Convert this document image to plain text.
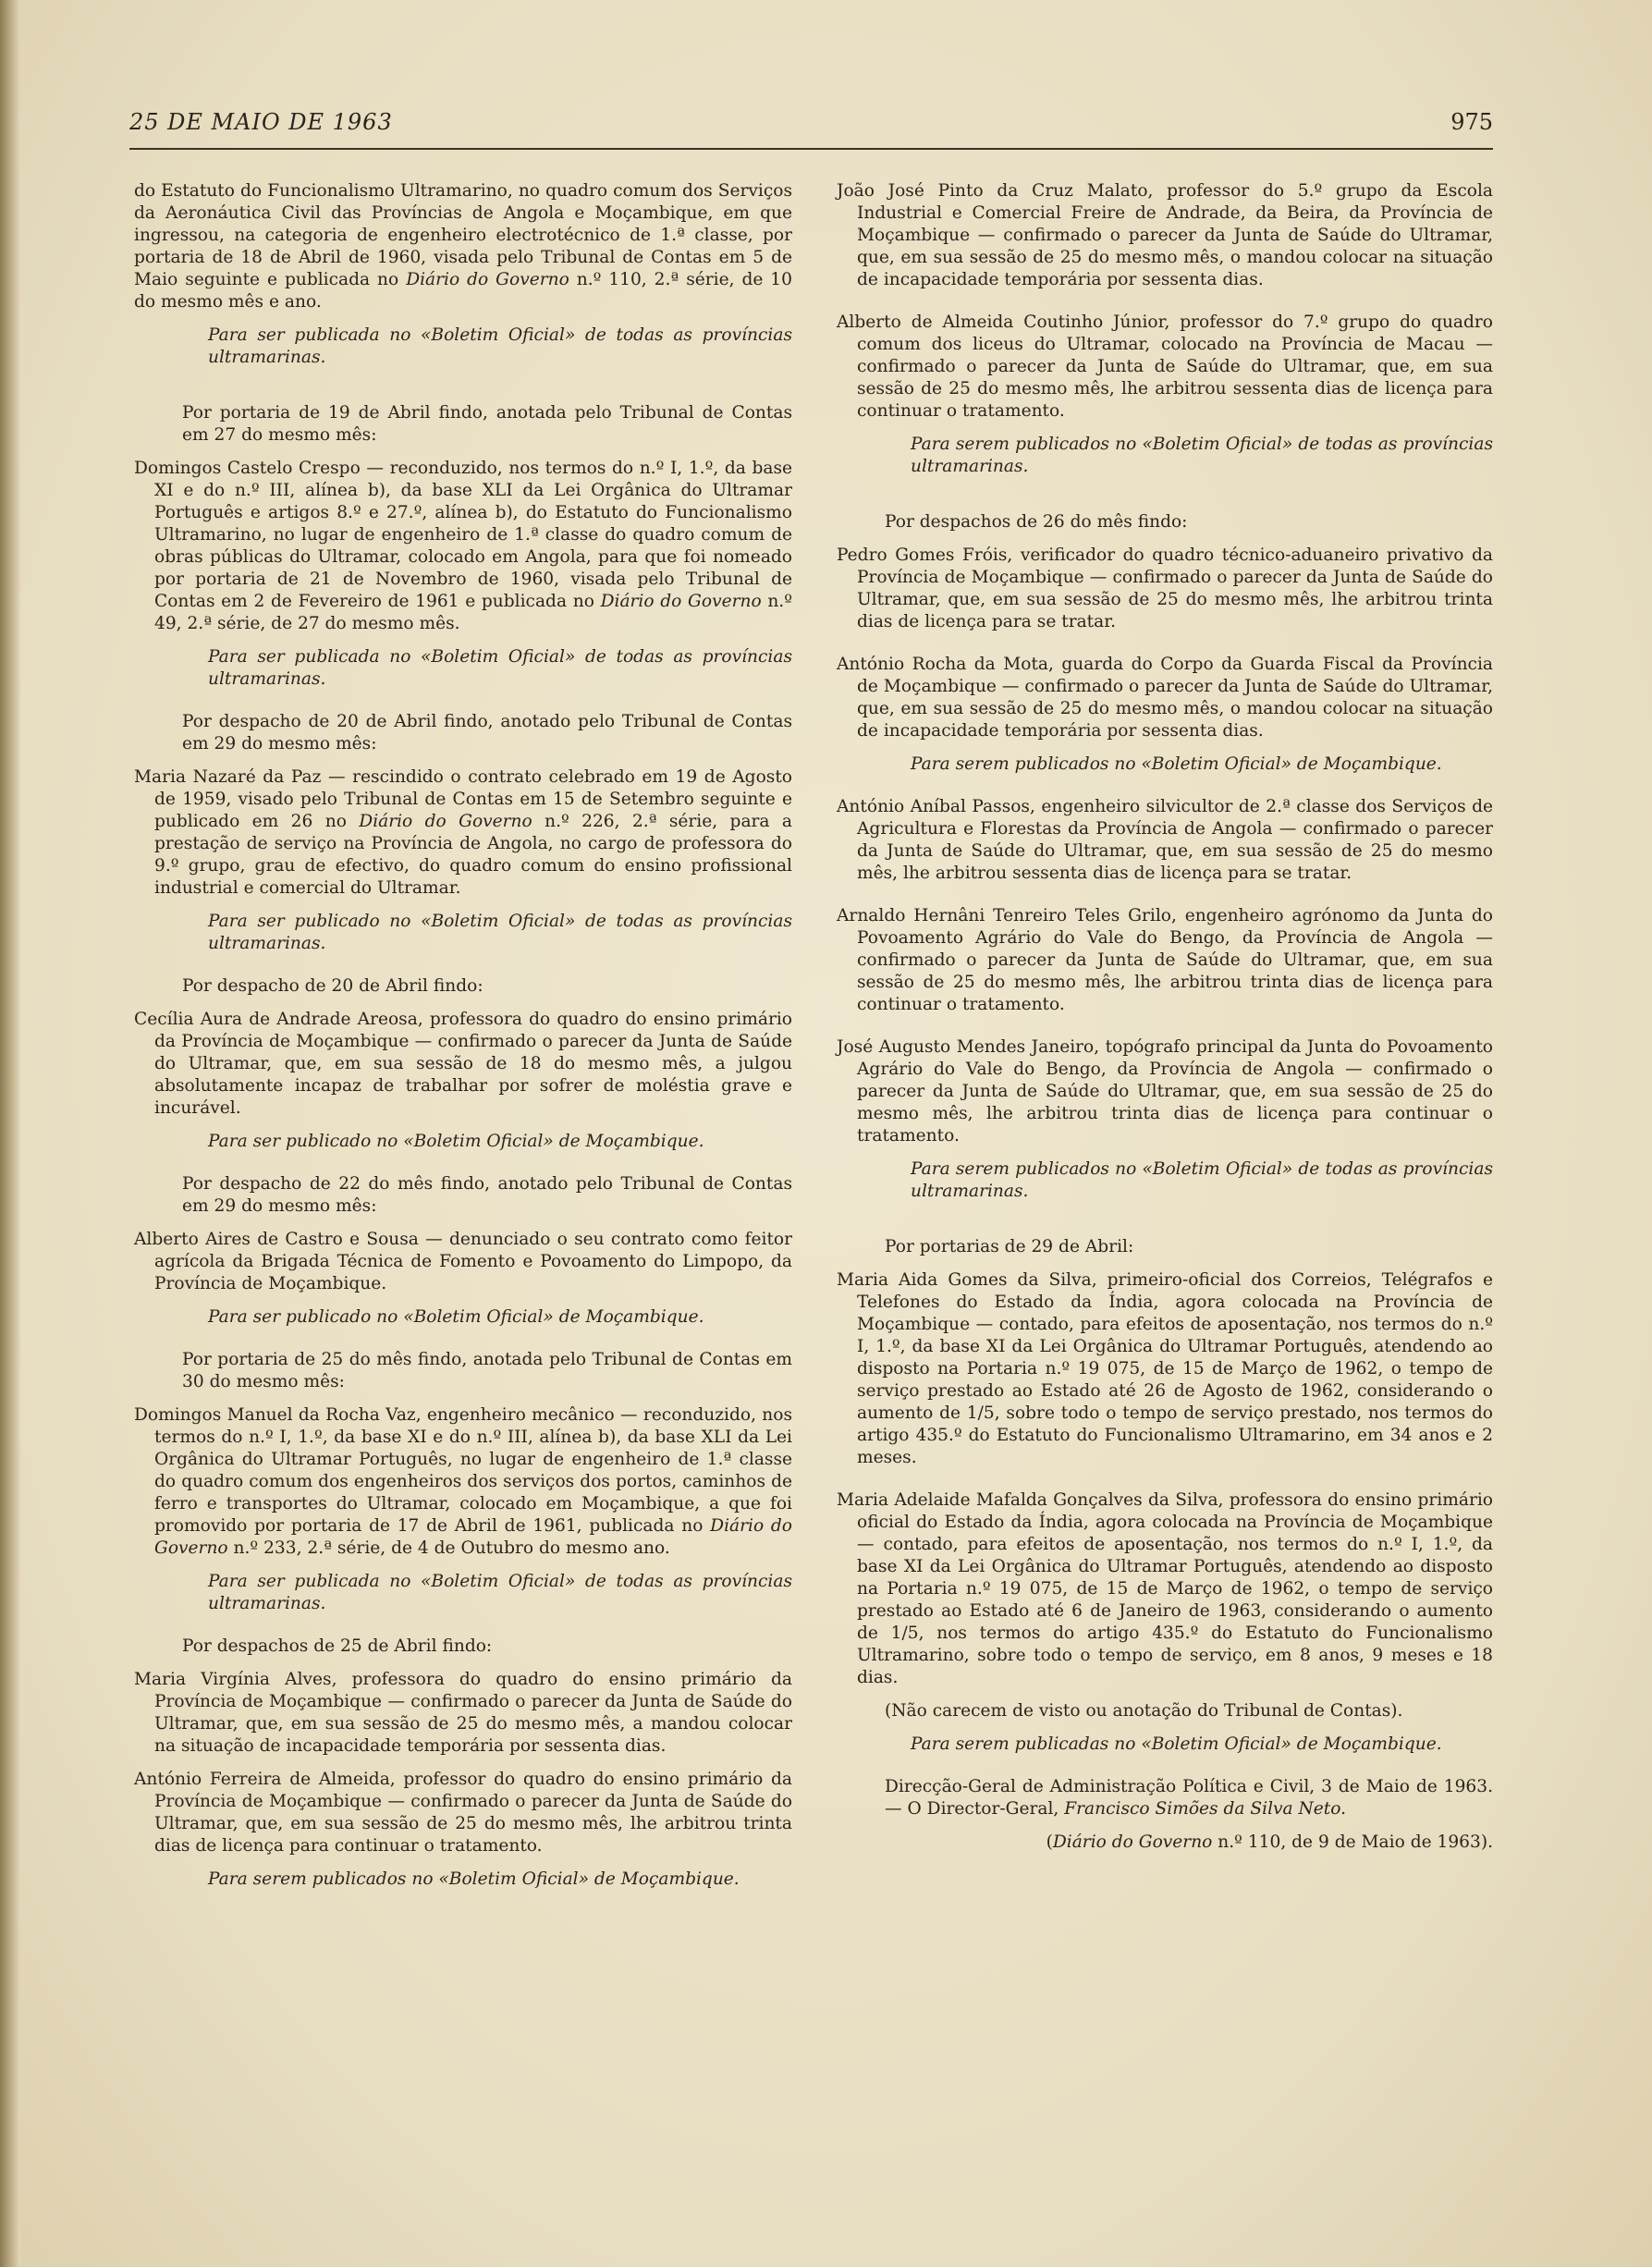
25 DE MAIO DE 1963	975

do Estatuto do Funcionalismo Ultramarino, no quadro comum dos Serviços da Aeronáutica Civil das Províncias de Angola e Moçambique, em que ingressou, na categoria de engenheiro electrotécnico de 1.ª classe, por portaria de 18 de Abril de 1960, visada pelo Tribunal de Contas em 5 de Maio seguinte e publicada no Diário do Governo n.º 110, 2.ª série, de 10 do mesmo mês e ano.

Para ser publicada no «Boletim Oficial» de todas as províncias ultramarinas.

Por portaria de 19 de Abril findo, anotada pelo Tribunal de Contas em 27 do mesmo mês:

Domingos Castelo Crespo — reconduzido, nos termos do n.º I, 1.º, da base XI e do n.º III, alínea b), da base XLI da Lei Orgânica do Ultramar Português e artigos 8.º e 27.º, alínea b), do Estatuto do Funcionalismo Ultramarino, no lugar de engenheiro de 1.ª classe do quadro comum de obras públicas do Ultramar, colocado em Angola, para que foi nomeado por portaria de 21 de Novembro de 1960, visada pelo Tribunal de Contas em 2 de Fevereiro de 1961 e publicada no Diário do Governo n.º 49, 2.ª série, de 27 do mesmo mês.

Para ser publicada no «Boletim Oficial» de todas as províncias ultramarinas.

Por despacho de 20 de Abril findo, anotado pelo Tribunal de Contas em 29 do mesmo mês:

Maria Nazaré da Paz — rescindido o contrato celebrado em 19 de Agosto de 1959, visado pelo Tribunal de Contas em 15 de Setembro seguinte e publicado em 26 no Diário do Governo n.º 226, 2.ª série, para a prestação de serviço na Província de Angola, no cargo de professora do 9.º grupo, grau de efectivo, do quadro comum do ensino profissional industrial e comercial do Ultramar.

Para ser publicado no «Boletim Oficial» de todas as províncias ultramarinas.

Por despacho de 20 de Abril findo:

Cecília Aura de Andrade Areosa, professora do quadro do ensino primário da Província de Moçambique — confirmado o parecer da Junta de Saúde do Ultramar, que, em sua sessão de 18 do mesmo mês, a julgou absolutamente incapaz de trabalhar por sofrer de moléstia grave e incurável.

Para ser publicado no «Boletim Oficial» de Moçambique.

Por despacho de 22 do mês findo, anotado pelo Tribunal de Contas em 29 do mesmo mês:

Alberto Aires de Castro e Sousa — denunciado o seu contrato como feitor agrícola da Brigada Técnica de Fomento e Povoamento do Limpopo, da Província de Moçambique.

Para ser publicado no «Boletim Oficial» de Moçambique.

Por portaria de 25 do mês findo, anotada pelo Tribunal de Contas em 30 do mesmo mês:

Domingos Manuel da Rocha Vaz, engenheiro mecânico — reconduzido, nos termos do n.º I, 1.º, da base XI e do n.º III, alínea b), da base XLI da Lei Orgânica do Ultramar Português, no lugar de engenheiro de 1.ª classe do quadro comum dos engenheiros dos serviços dos portos, caminhos de ferro e transportes do Ultramar, colocado em Moçambique, a que foi promovido por portaria de 17 de Abril de 1961, publicada no Diário do Governo n.º 233, 2.ª série, de 4 de Outubro do mesmo ano.

Para ser publicada no «Boletim Oficial» de todas as províncias ultramarinas.

Por despachos de 25 de Abril findo:

Maria Virgínia Alves, professora do quadro do ensino primário da Província de Moçambique — confirmado o parecer da Junta de Saúde do Ultramar, que, em sua sessão de 25 do mesmo mês, a mandou colocar na situação de incapacidade temporária por sessenta dias.

António Ferreira de Almeida, professor do quadro do ensino primário da Província de Moçambique — confirmado o parecer da Junta de Saúde do Ultramar, que, em sua sessão de 25 do mesmo mês, lhe arbitrou trinta dias de licença para continuar o tratamento.

Para serem publicados no «Boletim Oficial» de Moçambique.

João José Pinto da Cruz Malato, professor do 5.º grupo da Escola Industrial e Comercial Freire de Andrade, da Beira, da Província de Moçambique — confirmado o parecer da Junta de Saúde do Ultramar, que, em sua sessão de 25 do mesmo mês, o mandou colocar na situação de incapacidade temporária por sessenta dias.

Alberto de Almeida Coutinho Júnior, professor do 7.º grupo do quadro comum dos liceus do Ultramar, colocado na Província de Macau — confirmado o parecer da Junta de Saúde do Ultramar, que, em sua sessão de 25 do mesmo mês, lhe arbitrou sessenta dias de licença para continuar o tratamento.

Para serem publicados no «Boletim Oficial» de todas as províncias ultramarinas.

Por despachos de 26 do mês findo:

Pedro Gomes Fróis, verificador do quadro técnico-aduaneiro privativo da Província de Moçambique — confirmado o parecer da Junta de Saúde do Ultramar, que, em sua sessão de 25 do mesmo mês, lhe arbitrou trinta dias de licença para se tratar.

António Rocha da Mota, guarda do Corpo da Guarda Fiscal da Província de Moçambique — confirmado o parecer da Junta de Saúde do Ultramar, que, em sua sessão de 25 do mesmo mês, o mandou colocar na situação de incapacidade temporária por sessenta dias.

Para serem publicados no «Boletim Oficial» de Moçambique.

António Aníbal Passos, engenheiro silvicultor de 2.ª classe dos Serviços de Agricultura e Florestas da Província de Angola — confirmado o parecer da Junta de Saúde do Ultramar, que, em sua sessão de 25 do mesmo mês, lhe arbitrou sessenta dias de licença para se tratar.

Arnaldo Hernâni Tenreiro Teles Grilo, engenheiro agrónomo da Junta do Povoamento Agrário do Vale do Bengo, da Província de Angola — confirmado o parecer da Junta de Saúde do Ultramar, que, em sua sessão de 25 do mesmo mês, lhe arbitrou trinta dias de licença para continuar o tratamento.

José Augusto Mendes Janeiro, topógrafo principal da Junta do Povoamento Agrário do Vale do Bengo, da Província de Angola — confirmado o parecer da Junta de Saúde do Ultramar, que, em sua sessão de 25 do mesmo mês, lhe arbitrou trinta dias de licença para continuar o tratamento.

Para serem publicados no «Boletim Oficial» de todas as províncias ultramarinas.

Por portarias de 29 de Abril:

Maria Aida Gomes da Silva, primeiro-oficial dos Correios, Telégrafos e Telefones do Estado da Índia, agora colocada na Província de Moçambique — contado, para efeitos de aposentação, nos termos do n.º I, 1.º, da base XI da Lei Orgânica do Ultramar Português, atendendo ao disposto na Portaria n.º 19 075, de 15 de Março de 1962, o tempo de serviço prestado ao Estado até 26 de Agosto de 1962, considerando o aumento de 1/5, sobre todo o tempo de serviço prestado, nos termos do artigo 435.º do Estatuto do Funcionalismo Ultramarino, em 34 anos e 2 meses.

Maria Adelaide Mafalda Gonçalves da Silva, professora do ensino primário oficial do Estado da Índia, agora colocada na Província de Moçambique — contado, para efeitos de aposentação, nos termos do n.º I, 1.º, da base XI da Lei Orgânica do Ultramar Português, atendendo ao disposto na Portaria n.º 19 075, de 15 de Março de 1962, o tempo de serviço prestado ao Estado até 6 de Janeiro de 1963, considerando o aumento de 1/5, nos termos do artigo 435.º do Estatuto do Funcionalismo Ultramarino, sobre todo o tempo de serviço, em 8 anos, 9 meses e 18 dias.

(Não carecem de visto ou anotação do Tribunal de Contas).

Para serem publicadas no «Boletim Oficial» de Moçambique.

Direcção-Geral de Administração Política e Civil, 3 de Maio de 1963. — O Director-Geral, Francisco Simões da Silva Neto.

(Diário do Governo n.º 110, de 9 de Maio de 1963).
